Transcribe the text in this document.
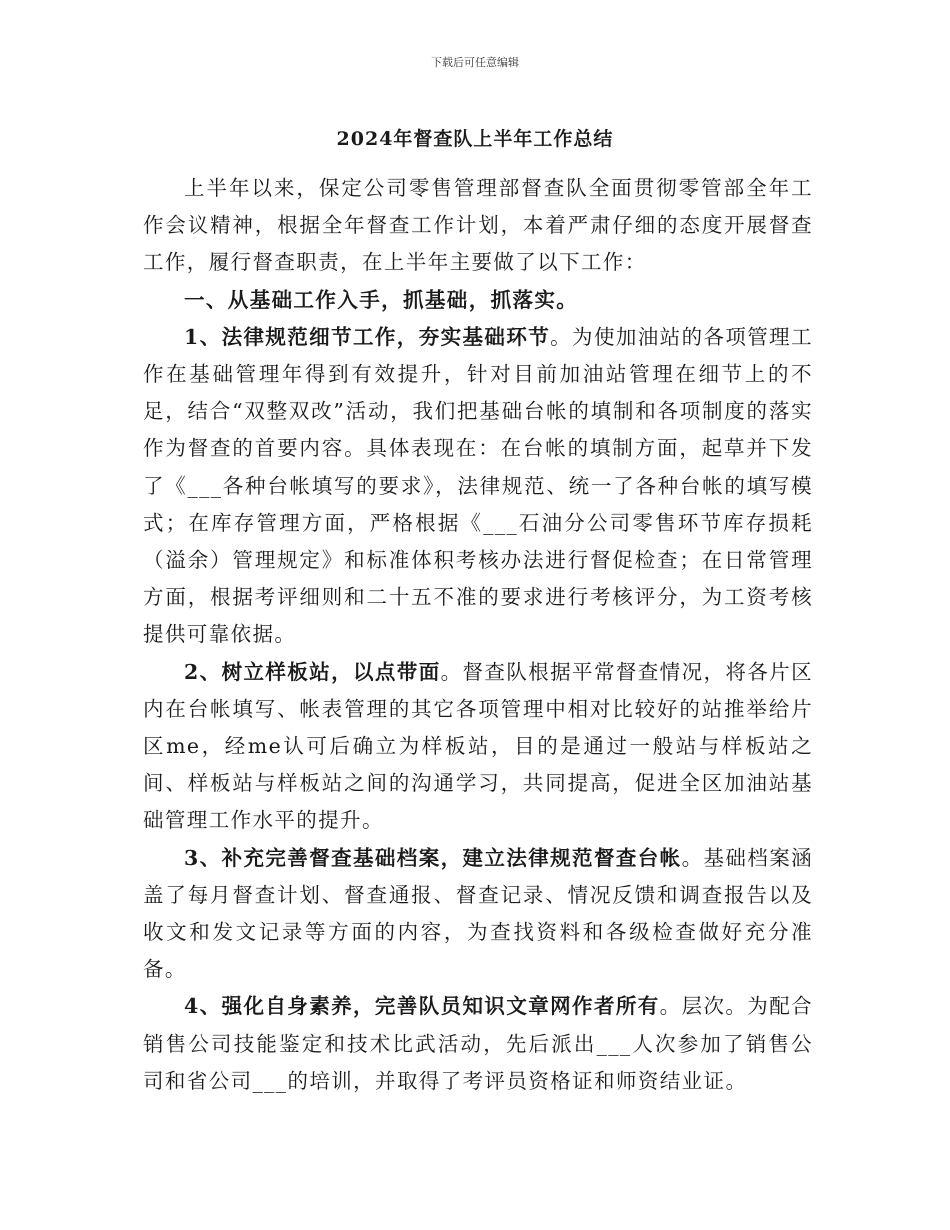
下载后可任意编辑
2024年督查队上半年工作总结

上半年以来，保定公司零售管理部督查队全面贯彻零管部全年工作会议精神，根据全年督查工作计划，本着严肃仔细的态度开展督查工作，履行督查职责，在上半年主要做了以下工作：

一、从基础工作入手，抓基础，抓落实。

1、法律规范细节工作，夯实基础环节。为使加油站的各项管理工作在基础管理年得到有效提升，针对目前加油站管理在细节上的不足，结合“双整双改”活动，我们把基础台帐的填制和各项制度的落实作为督查的首要内容。具体表现在：在台帐的填制方面，起草并下发了《___各种台帐填写的要求》，法律规范、统一了各种台帐的填写模式；在库存管理方面，严格根据《___石油分公司零售环节库存损耗（溢余）管理规定》和标准体积考核办法进行督促检查；在日常管理方面，根据考评细则和二十五不准的要求进行考核评分，为工资考核提供可靠依据。

2、树立样板站，以点带面。督查队根据平常督查情况，将各片区内在台帐填写、帐表管理的其它各项管理中相对比较好的站推举给片区me，经me认可后确立为样板站，目的是通过一般站与样板站之间、样板站与样板站之间的沟通学习，共同提高，促进全区加油站基础管理工作水平的提升。

3、补充完善督查基础档案，建立法律规范督查台帐。基础档案涵盖了每月督查计划、督查通报、督查记录、情况反馈和调查报告以及收文和发文记录等方面的内容，为查找资料和各级检查做好充分准备。

4、强化自身素养，完善队员知识文章网作者所有。层次。为配合销售公司技能鉴定和技术比武活动，先后派出___人次参加了销售公司和省公司___的培训，并取得了考评员资格证和师资结业证。
